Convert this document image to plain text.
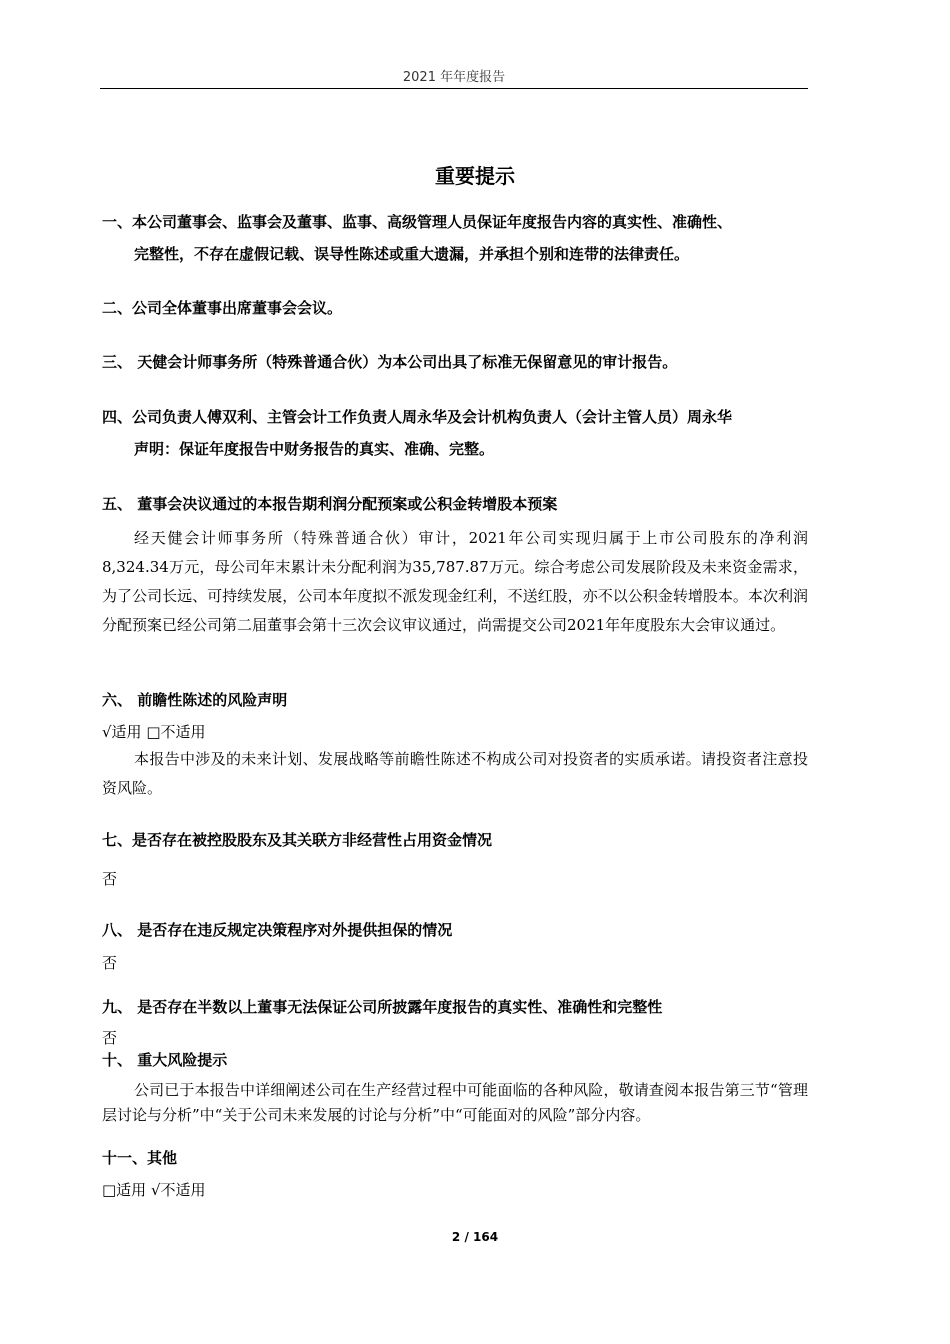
2021 年年度报告
重要提示
一、本公司董事会、监事会及董事、监事、高级管理人员保证年度报告内容的真实性、准确性、
完整性，不存在虚假记载、误导性陈述或重大遗漏，并承担个别和连带的法律责任。
二、公司全体董事出席董事会会议。
三、 天健会计师事务所（特殊普通合伙）为本公司出具了标准无保留意见的审计报告。
四、公司负责人傅双利、主管会计工作负责人周永华及会计机构负责人（会计主管人员）周永华
声明：保证年度报告中财务报告的真实、准确、完整。
五、 董事会决议通过的本报告期利润分配预案或公积金转增股本预案
经天健会计师事务所（特殊普通合伙）审计，2021年公司实现归属于上市公司股东的净利润8,324.34万元，母公司年末累计未分配利润为35,787.87万元。综合考虑公司发展阶段及未来资金需求，为了公司长远、可持续发展，公司本年度拟不派发现金红利，不送红股，亦不以公积金转增股本。本次利润分配预案已经公司第二届董事会第十三次会议审议通过，尚需提交公司2021年年度股东大会审议通过。
六、 前瞻性陈述的风险声明
√适用 □不适用
本报告中涉及的未来计划、发展战略等前瞻性陈述不构成公司对投资者的实质承诺。请投资者注意投资风险。
七、是否存在被控股股东及其关联方非经营性占用资金情况
否
八、 是否存在违反规定决策程序对外提供担保的情况
否
九、 是否存在半数以上董事无法保证公司所披露年度报告的真实性、准确性和完整性
否
十、 重大风险提示
公司已于本报告中详细阐述公司在生产经营过程中可能面临的各种风险，敬请查阅本报告第三节“管理层讨论与分析”中“关于公司未来发展的讨论与分析”中“可能面对的风险”部分内容。
十一、其他
□适用 √不适用
2 / 164
